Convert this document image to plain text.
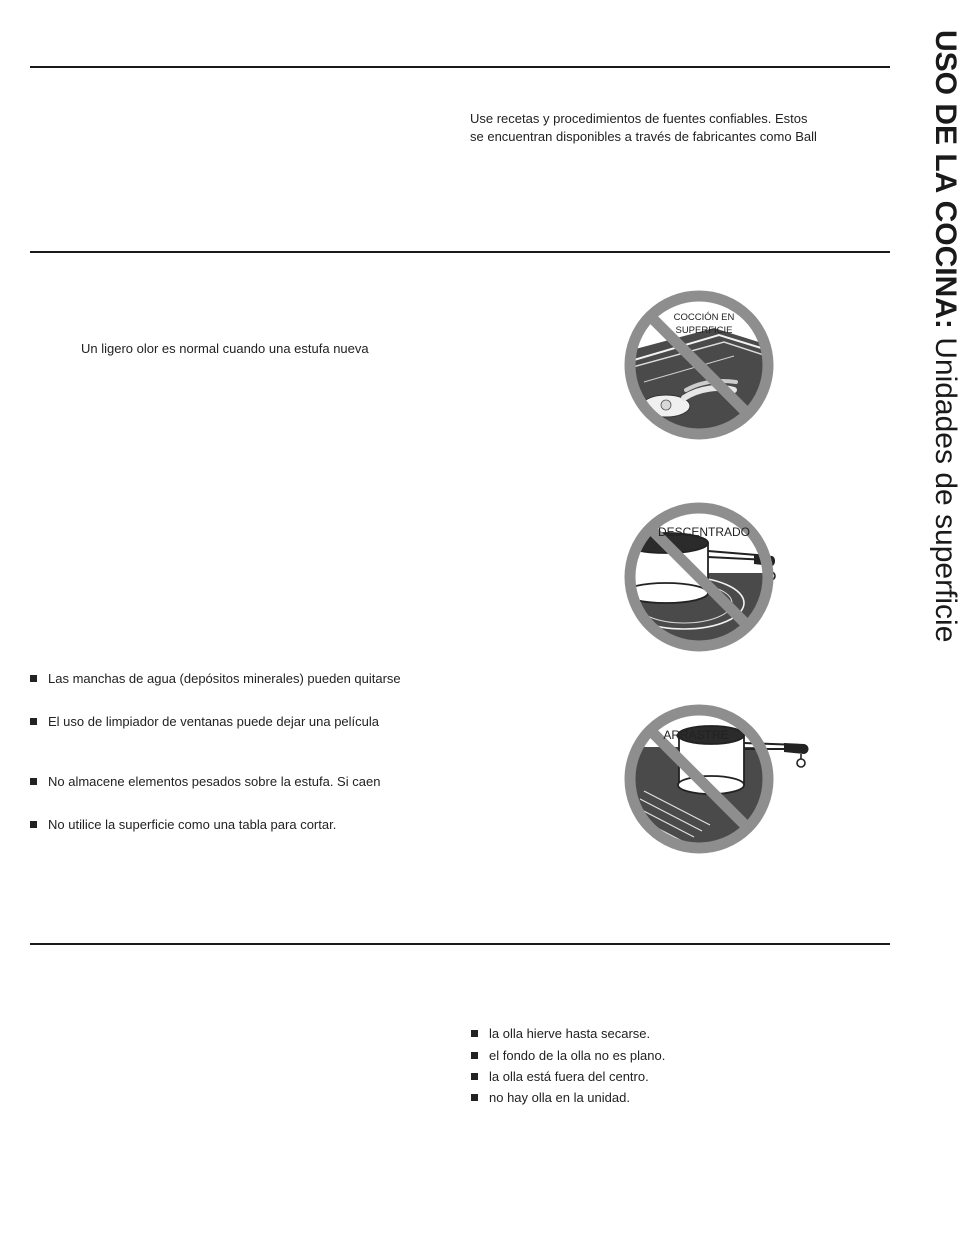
USO DE LA COCINA: Unidades de superficie
Use recetas y procedimientos de fuentes confiables. Estos
se encuentran disponibles a través de fabricantes como Ball
Un ligero olor es normal cuando una estufa nueva
Las manchas de agua (depósitos minerales) pueden quitarse
El uso de limpiador de ventanas puede dejar una película
No almacene elementos pesados sobre la estufa. Si caen
No utilice la superficie como una tabla para cortar.
la olla hierve hasta secarse.
el fondo de la olla no es plano.
la olla está fuera del centro.
no hay olla en la unidad.
COCCIÓN EN
SUPERFICIE
DESCENTRADO
ARRASTRE
